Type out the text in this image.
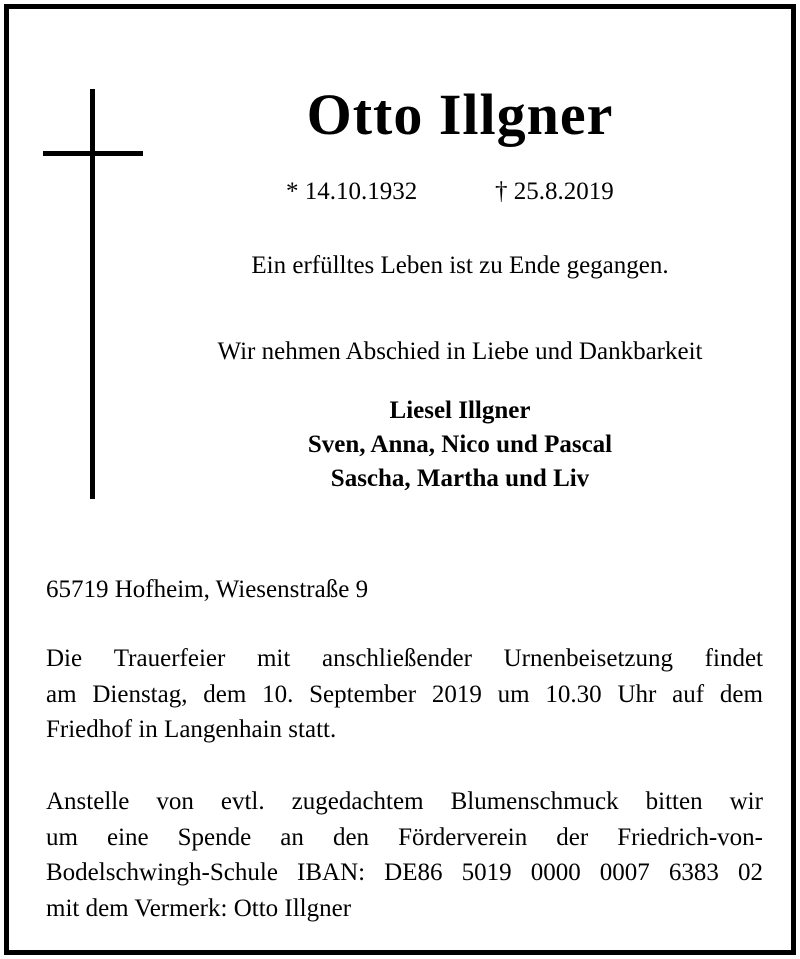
Otto Illgner
* 14.10.1932	† 25.8.2019
Ein erfülltes Leben ist zu Ende gegangen.
Wir nehmen Abschied in Liebe und Dankbarkeit
Liesel Illgner
Sven, Anna, Nico und Pascal
Sascha, Martha und Liv
65719 Hofheim, Wiesenstraße 9
Die Trauerfeier mit anschließender Urnenbeisetzung findet
am Dienstag, dem 10. September 2019 um 10.30 Uhr auf dem
Friedhof in Langenhain statt.
Anstelle von evtl. zugedachtem Blumenschmuck bitten wir
um eine Spende an den Förderverein der Friedrich-von-
Bodelschwingh-Schule IBAN: DE86 5019 0000 0007 6383 02
mit dem Vermerk: Otto Illgner
